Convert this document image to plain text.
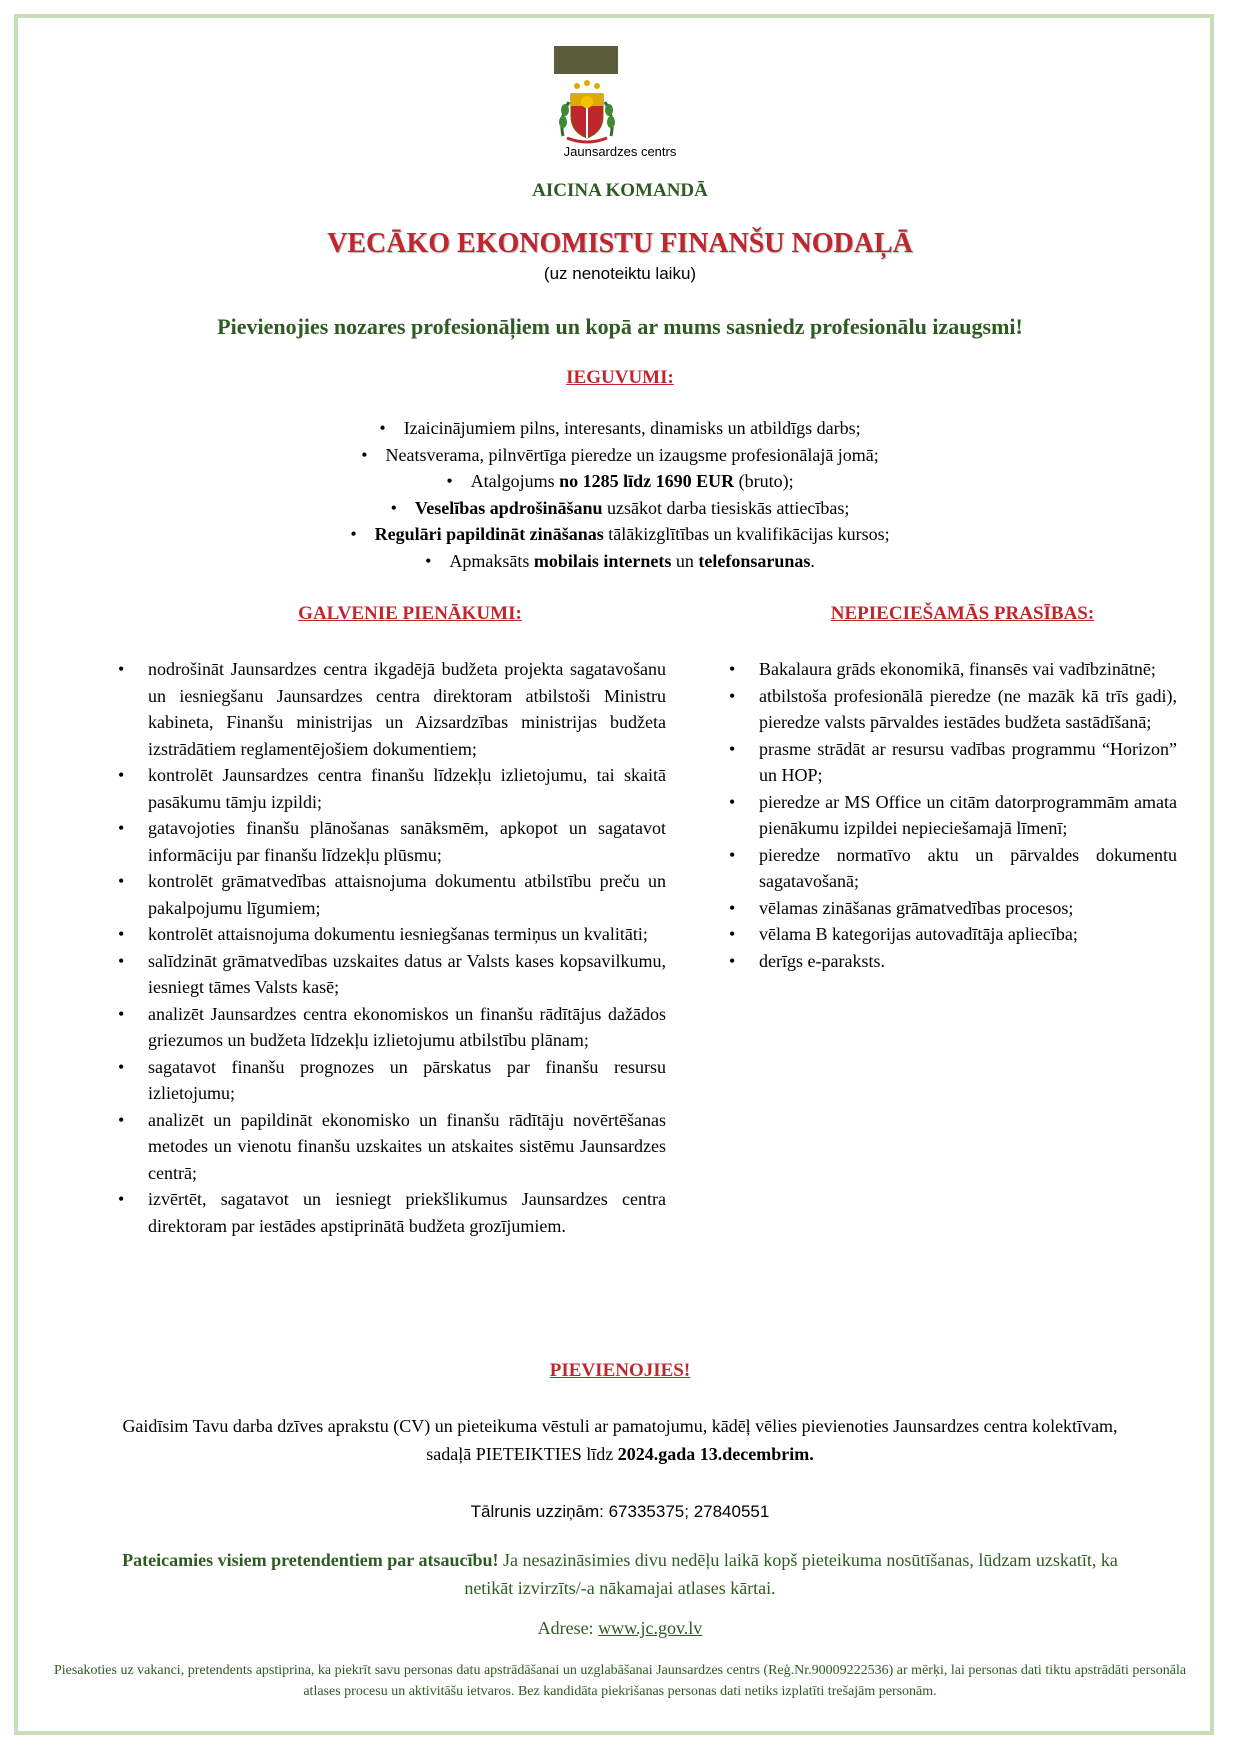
Jaunsardzes centrs
AICINA KOMANDĀ
VECĀKO EKONOMISTU FINANŠU NODAĻĀ
(uz nenoteiktu laiku)
Pievienojies nozares profesionāļiem un kopā ar mums sasniedz profesionālu izaugsmi!
IEGUVUMI:
• Izaicinājumiem pilns, interesants, dinamisks un atbildīgs darbs;
• Neatsverama, pilnvērtīga pieredze un izaugsme profesionālajā jomā;
• Atalgojums no 1285 līdz 1690 EUR (bruto);
• Veselības apdrošināšanu uzsākot darba tiesiskās attiecības;
• Regulāri papildināt zināšanas tālākizglītības un kvalifikācijas kursos;
• Apmaksāts mobilais internets un telefonsarunas.
GALVENIE PIENĀKUMI:	NEPIECIEŠAMĀS PRASĪBAS:
• nodrošināt Jaunsardzes centra ikgadējā budžeta projekta sagatavošanu un iesniegšanu Jaunsardzes centra direktoram atbilstoši Ministru kabineta, Finanšu ministrijas un Aizsardzības ministrijas budžeta izstrādātiem reglamentējošiem dokumentiem;
• kontrolēt Jaunsardzes centra finanšu līdzekļu izlietojumu, tai skaitā pasākumu tāmju izpildi;
• gatavojoties finanšu plānošanas sanāksmēm, apkopot un sagatavot informāciju par finanšu līdzekļu plūsmu;
• kontrolēt grāmatvedības attaisnojuma dokumentu atbilstību preču un pakalpojumu līgumiem;
• kontrolēt attaisnojuma dokumentu iesniegšanas termiņus un kvalitāti;
• salīdzināt grāmatvedības uzskaites datus ar Valsts kases kopsavilkumu, iesniegt tāmes Valsts kasē;
• analizēt Jaunsardzes centra ekonomiskos un finanšu rādītājus dažādos griezumos un budžeta līdzekļu izlietojumu atbilstību plānam;
• sagatavot finanšu prognozes un pārskatus par finanšu resursu izlietojumu;
• analizēt un papildināt ekonomisko un finanšu rādītāju novērtēšanas metodes un vienotu finanšu uzskaites un atskaites sistēmu Jaunsardzes centrā;
• izvērtēt, sagatavot un iesniegt priekšlikumus Jaunsardzes centra direktoram par iestādes apstiprinātā budžeta grozījumiem.
• Bakalaura grāds ekonomikā, finansēs vai vadībzinātnē;
• atbilstoša profesionālā pieredze (ne mazāk kā trīs gadi), pieredze valsts pārvaldes iestādes budžeta sastādīšanā;
• prasme strādāt ar resursu vadības programmu “Horizon” un HOP;
• pieredze ar MS Office un citām datorprogrammām amata pienākumu izpildei nepieciešamajā līmenī;
• pieredze normatīvo aktu un pārvaldes dokumentu sagatavošanā;
• vēlamas zināšanas grāmatvedības procesos;
• vēlama B kategorijas autovadītāja apliecība;
• derīgs e-paraksts.
PIEVIENOJIES!
Gaidīsim Tavu darba dzīves aprakstu (CV) un pieteikuma vēstuli ar pamatojumu, kādēļ vēlies pievienoties Jaunsardzes centra kolektīvam, sadaļā PIETEIKTIES līdz 2024.gada 13.decembrim.
Tālrunis uzziņām: 67335375; 27840551
Pateicamies visiem pretendentiem par atsaucību! Ja nesazināsimies divu nedēļu laikā kopš pieteikuma nosūtīšanas, lūdzam uzskatīt, ka netikāt izvirzīts/-a nākamajai atlases kārtai.
Adrese: www.jc.gov.lv
Piesakoties uz vakanci, pretendents apstiprina, ka piekrīt savu personas datu apstrādāšanai un uzglabāšanai Jaunsardzes centrs (Reģ.Nr.90009222536) ar mērķi, lai personas dati tiktu apstrādāti personāla atlases procesu un aktivitāšu ietvaros. Bez kandidāta piekrišanas personas dati netiks izplatīti trešajām personām.
